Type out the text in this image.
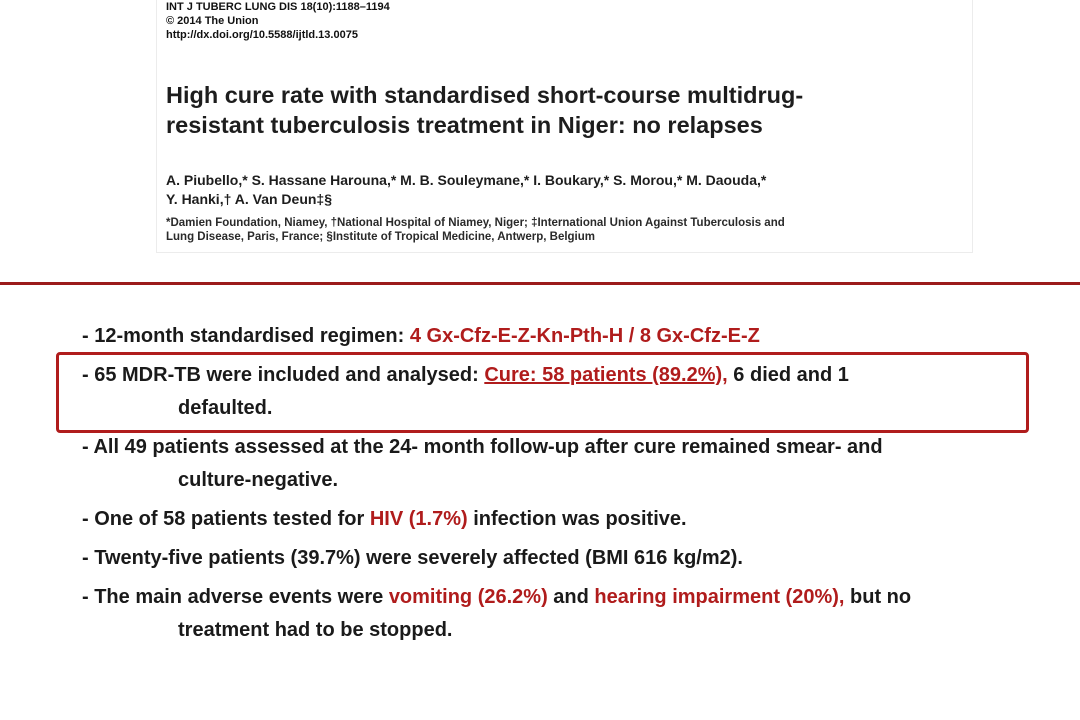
INT J TUBERC LUNG DIS 18(10):1188–1194
© 2014 The Union
http://dx.doi.org/10.5588/ijtld.13.0075
High cure rate with standardised short-course multidrug-
resistant tuberculosis treatment in Niger: no relapses
A. Piubello,* S. Hassane Harouna,* M. B. Souleymane,* I. Boukary,* S. Morou,* M. Daouda,*
Y. Hanki,† A. Van Deun‡§
*Damien Foundation, Niamey, †National Hospital of Niamey, Niger; ‡International Union Against Tuberculosis and
Lung Disease, Paris, France; §Institute of Tropical Medicine, Antwerp, Belgium
- 12-month standardised regimen: 4 Gx-Cfz-E-Z-Kn-Pth-H / 8 Gx-Cfz-E-Z
- 65 MDR-TB were included and analysed: Cure: 58 patients (89.2%), 6 died and 1
defaulted.
- All 49 patients assessed at the 24- month follow-up after cure remained smear- and
culture-negative.
- One of 58 patients tested for HIV (1.7%) infection was positive.
- Twenty-five patients (39.7%) were severely affected (BMI 616 kg/m2).
- The main adverse events were vomiting (26.2%) and hearing impairment (20%), but no
treatment had to be stopped.
